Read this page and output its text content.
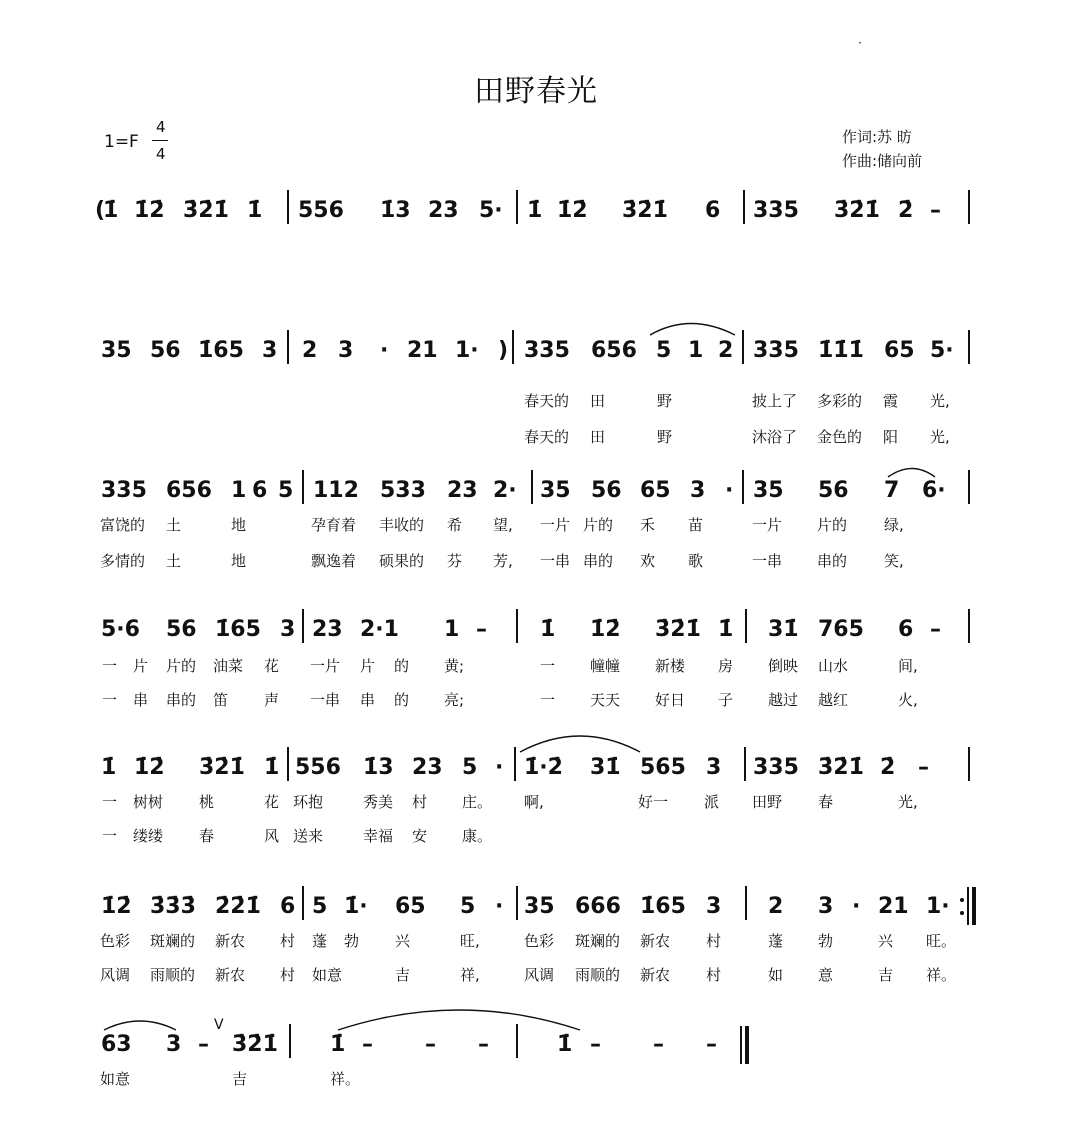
田野春光
1=F
4
4
作词:苏 昉
作曲:储向前
·
V
(
1̇ 1̇2̇ 3̇2̇1̇ 1̇ 556 1̇3 23 5· 1̇ 1̇2̇ 3̇2̇1̇ 6 335 3̇2̇1̇ 2̇ –
35 56 1̇65 3 2 3 · 21 1· ) 335 656 5 1 2 335 1̇1̇1̇ 65 5·
春天的 田	野	披上了 多彩的 霞 光,
春天的 田	野	沐浴了 金色的 阳 光,
335 656 1 6 5 112 533 23 2· 35 56 65 3 · 35 56 7 6·
富饶的 土	地	孕育着 丰收的 希 望, 一片 片的 禾 苗	一片 片的 绿,
多情的 土	地	飘逸着 硕果的 芬 芳, 一串 串的 欢 歌	一串 串的 笑,
5·6 56 1̇65 3 23 2·1 1 – 1̇ 1̇2̇ 3̇2̇1̇ 1̇ 31̇ 765 6 –
一 片 片的 油菜 花 一片 片 的 黄;	一 幢幢 新楼 房 倒映 山水	间,
一 串 串的 笛 声 一串 串 的 亮;	一 天天 好日 子 越过 越红	火,
1̇ 1̇2̇ 3̇2̇1̇ 1̇ 556 1̇3 23 5 · 1̇·2̇ 31̇ 565 3 335 3̇2̇1̇ 2̇ –
一 树树 桃	花 环抱	秀美 村 庄。 啊,	好一 派 田野 春	光,
一 缕缕 春	风 送来	幸福 安 康。
1̇2̇ 3̇3̇3̇ 2̇2̇1̇ 6 5 1̇· 65 5 · 35 666 1̇65 3 2 3 · 21 1·
色彩 斑斓的 新农 村 蓬 勃 兴	旺,	色彩 斑斓的 新农 村	蓬 勃	兴 旺。
风调 雨顺的 新农 村 如意	吉	祥,	风调 雨顺的 新农 村	如 意	吉 祥。
63 3 – 3̇2̇1̇ 1̇ – – –	1̇ – – –
如意	吉	祥。
